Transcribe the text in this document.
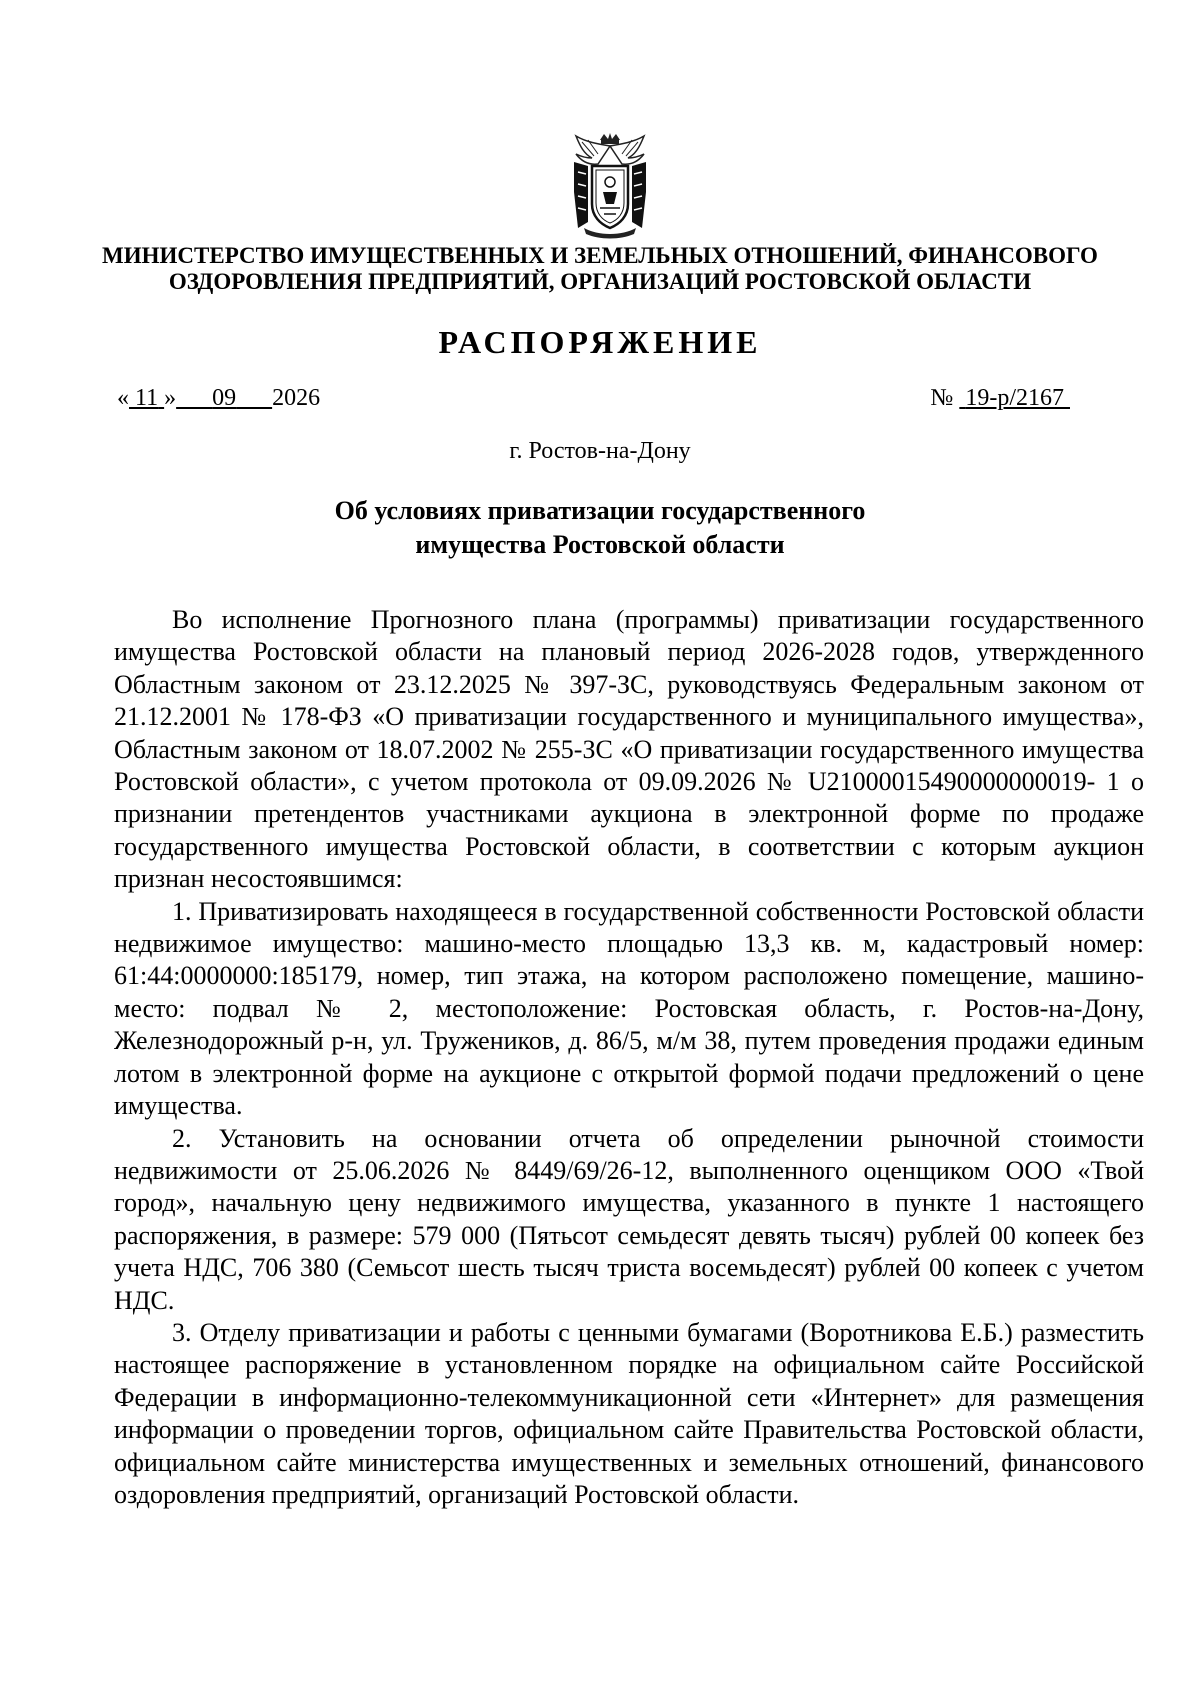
МИНИСТЕРСТВО ИМУЩЕСТВЕННЫХ И ЗЕМЕЛЬНЫХ ОТНОШЕНИЙ, ФИНАНСОВОГО
ОЗДОРОВЛЕНИЯ ПРЕДПРИЯТИЙ, ОРГАНИЗАЦИЙ РОСТОВСКОЙ ОБЛАСТИ
РАСПОРЯЖЕНИЕ
« 11 » 09 2026	№ 19-р/2167
г. Ростов-на-Дону
Об условиях приватизации государственного
имущества Ростовской области

Во исполнение Прогнозного плана (программы) приватизации государственного имущества Ростовской области на плановый период 2026-2028 годов, утвержденного Областным законом от 23.12.2025 № 397-ЗС, руководствуясь Федеральным законом от 21.12.2001 № 178-ФЗ «О приватизации государственного и муниципального имущества», Областным законом от 18.07.2002 № 255-ЗС «О приватизации государственного имущества Ростовской области», с учетом протокола от 09.09.2026 № U21000015490000000019- 1 о признании претендентов участниками аукциона в электронной форме по продаже государственного имущества Ростовской области, в соответствии с которым аукцион признан несостоявшимся:

1. Приватизировать находящееся в государственной собственности Ростовской области недвижимое имущество: машино-место площадью 13,3 кв. м, кадастровый номер: 61:44:0000000:185179, номер, тип этажа, на котором расположено помещение, машино-место: подвал № 2, местоположение: Ростовская область, г. Ростов-на-Дону, Железнодорожный р-н, ул. Тружеников, д. 86/5, м/м 38, путем проведения продажи единым лотом в электронной форме на аукционе с открытой формой подачи предложений о цене имущества.

2. Установить на основании отчета об определении рыночной стоимости недвижимости от 25.06.2026 № 8449/69/26-12, выполненного оценщиком ООО «Твой город», начальную цену недвижимого имущества, указанного в пункте 1 настоящего распоряжения, в размере: 579 000 (Пятьсот семьдесят девять тысяч) рублей 00 копеек без учета НДС, 706 380 (Семьсот шесть тысяч триста восемьдесят) рублей 00 копеек с учетом НДС.

3. Отделу приватизации и работы с ценными бумагами (Воротникова Е.Б.) разместить настоящее распоряжение в установленном порядке на официальном сайте Российской Федерации в информационно-телекоммуникационной сети «Интернет» для размещения информации о проведении торгов, официальном сайте Правительства Ростовской области, официальном сайте министерства имущественных и земельных отношений, финансового оздоровления предприятий, организаций Ростовской области.
